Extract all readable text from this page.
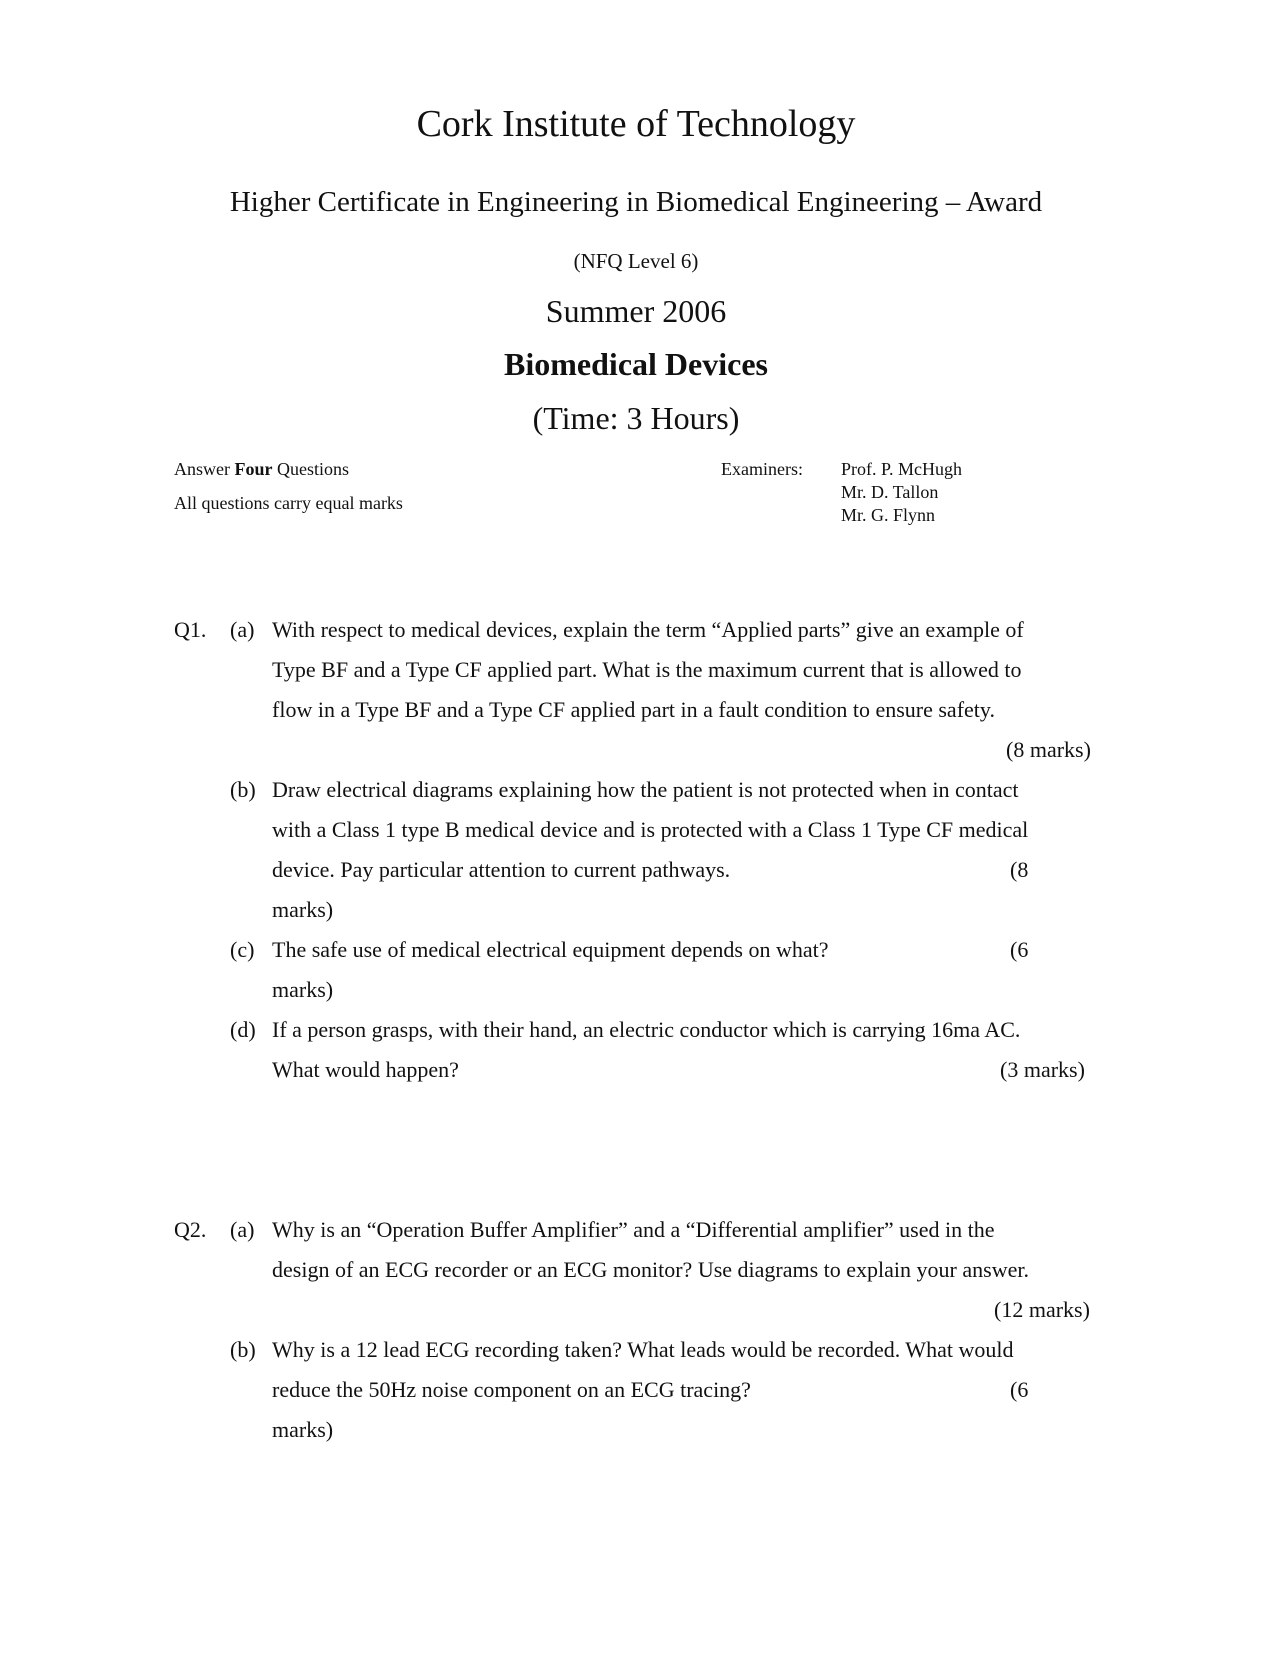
Cork Institute of Technology
Higher Certificate in Engineering in Biomedical Engineering – Award
(NFQ Level 6)
Summer 2006
Biomedical Devices
(Time: 3 Hours)
Answer Four Questions
All questions carry equal marks
Examiners: Prof. P. McHugh
Mr. D. Tallon
Mr. G. Flynn
Q1. (a) With respect to medical devices, explain the term “Applied parts” give an example of
Type BF and a Type CF applied part. What is the maximum current that is allowed to
flow in a Type BF and a Type CF applied part in a fault condition to ensure safety.
(8 marks)
(b) Draw electrical diagrams explaining how the patient is not protected when in contact
with a Class 1 type B medical device and is protected with a Class 1 Type CF medical
device. Pay particular attention to current pathways.	(8
marks)
(c) The safe use of medical electrical equipment depends on what?	(6
marks)
(d) If a person grasps, with their hand, an electric conductor which is carrying 16ma AC.
What would happen?	(3 marks)
Q2. (a) Why is an “Operation Buffer Amplifier” and a “Differential amplifier” used in the
design of an ECG recorder or an ECG monitor? Use diagrams to explain your answer.
(12 marks)
(b) Why is a 12 lead ECG recording taken? What leads would be recorded. What would
reduce the 50Hz noise component on an ECG tracing?	(6
marks)
